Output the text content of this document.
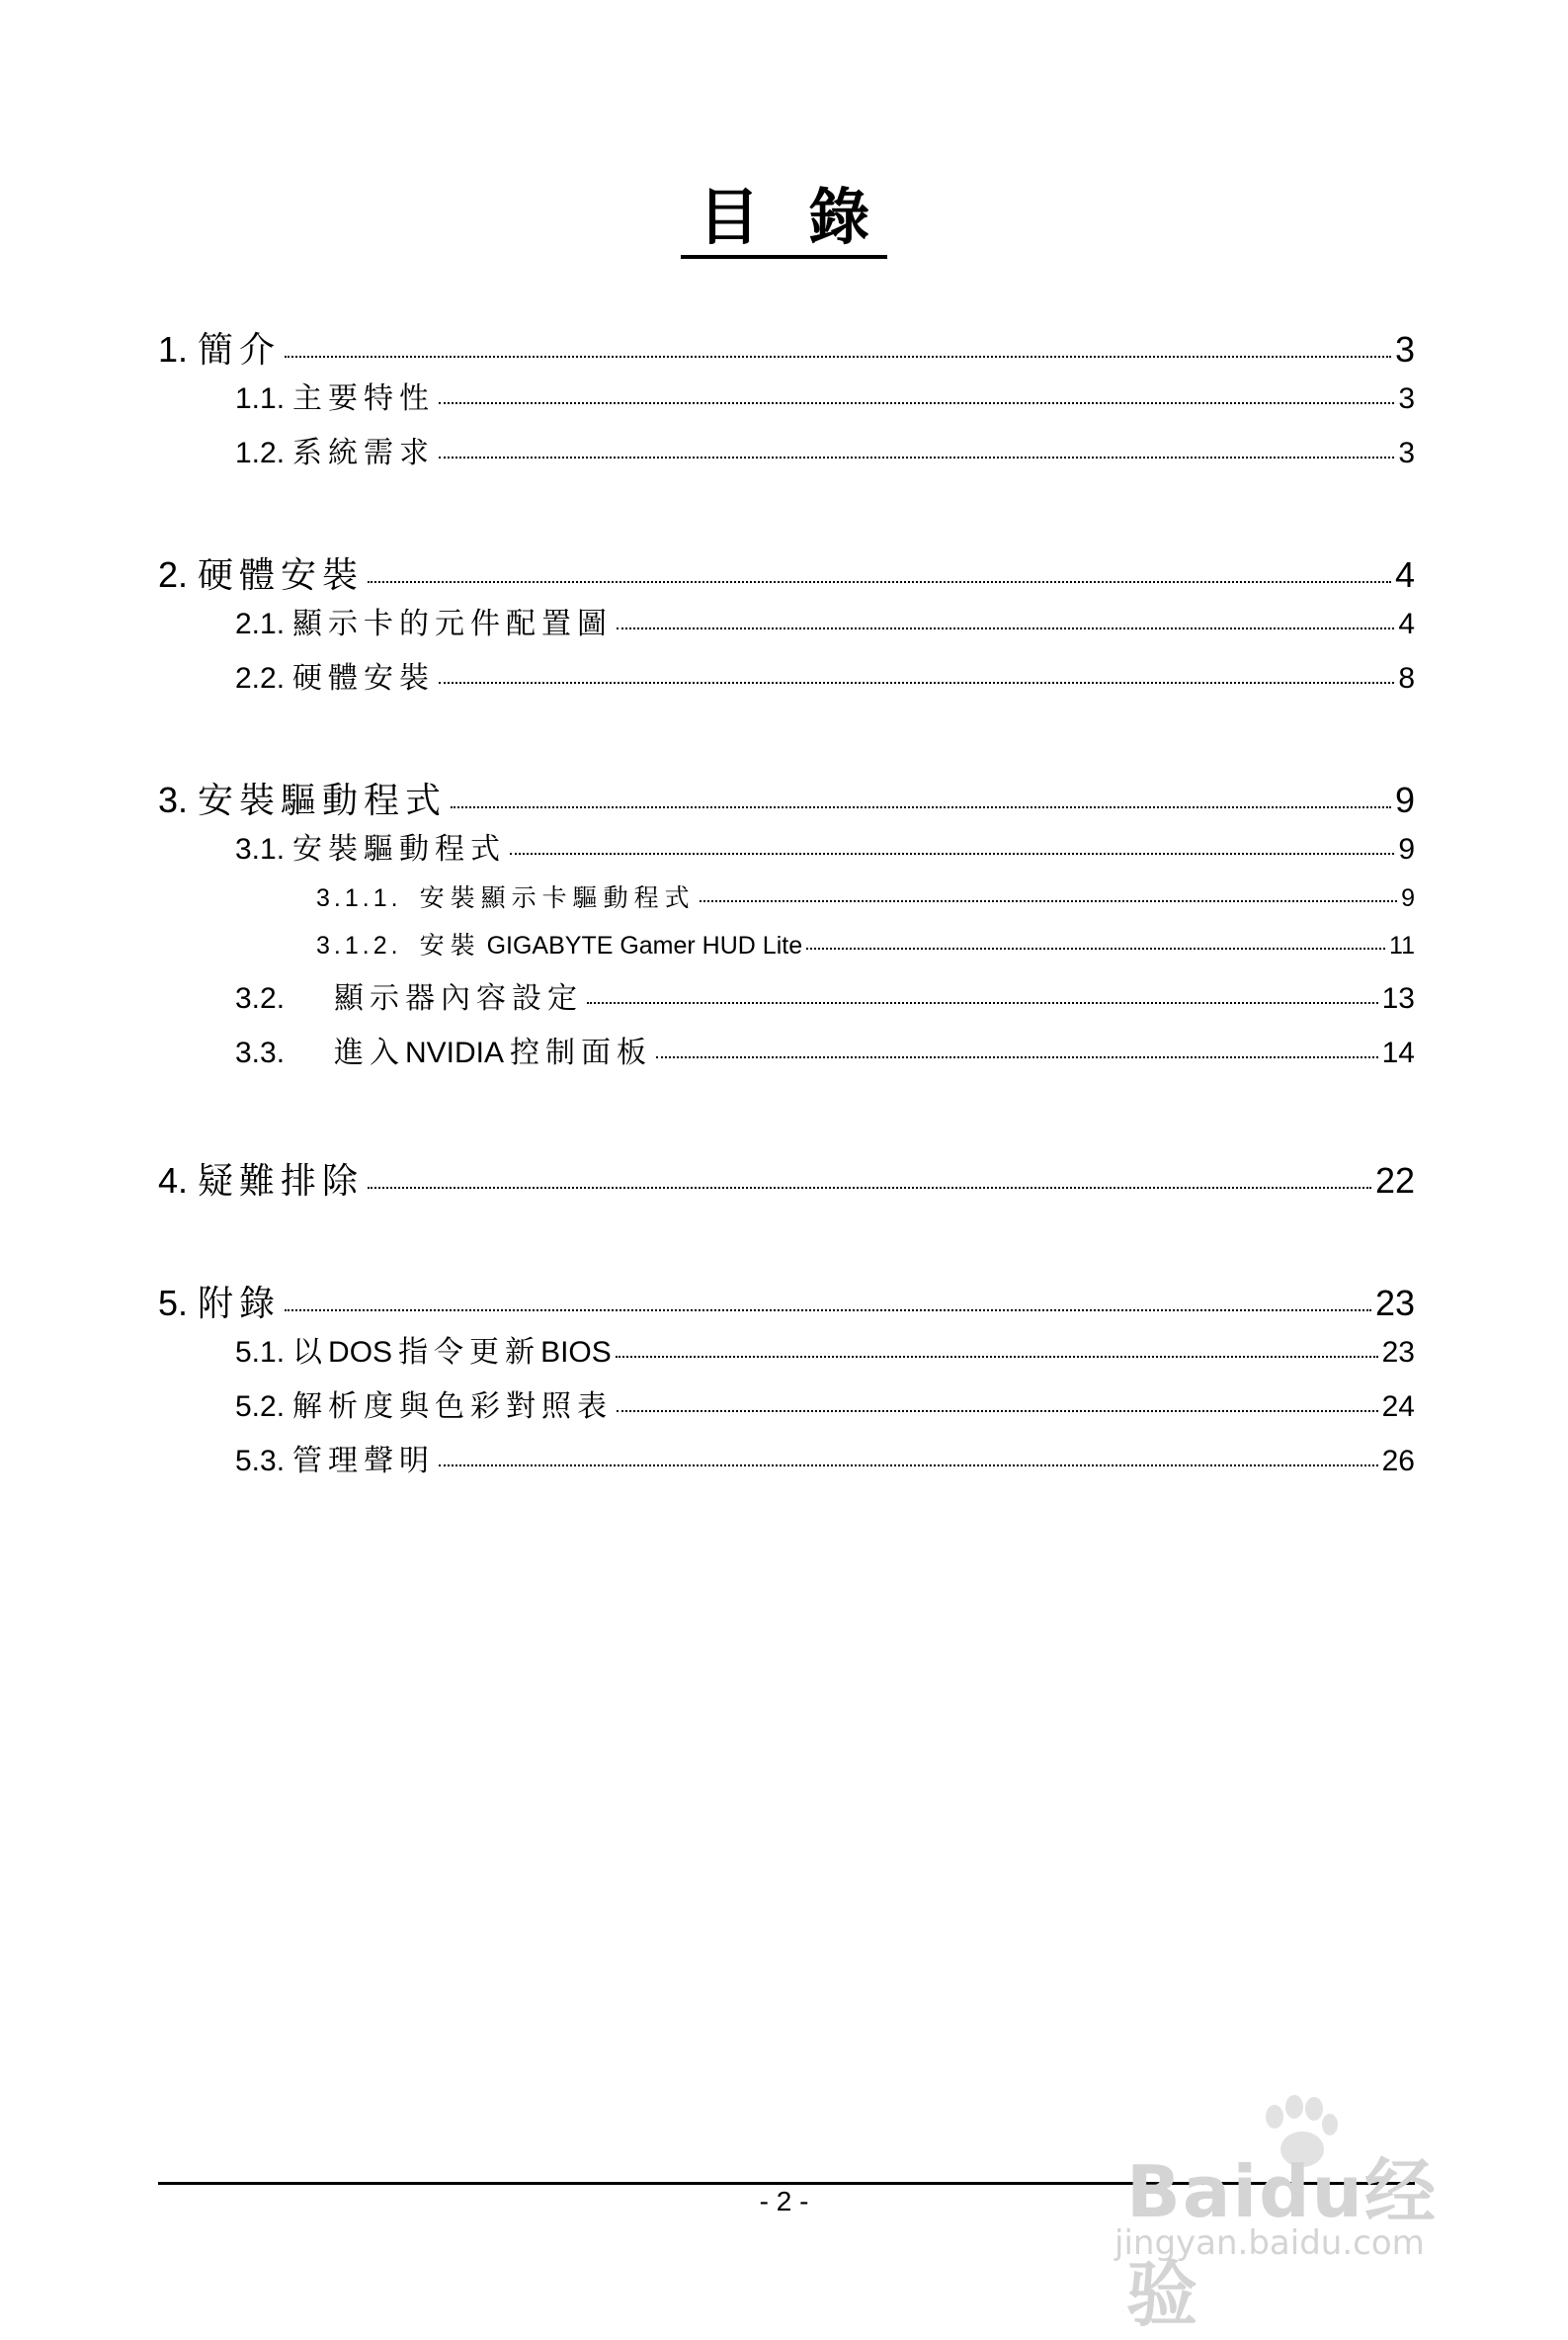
目 錄
1. 簡介	3
1.1. 主要特性	3
1.2. 系統需求	3
2. 硬體安裝	4
2.1. 顯示卡的元件配置圖	4
2.2. 硬體安裝	8
3. 安裝驅動程式	9
3.1. 安裝驅動程式	9
3.1.1. 安裝顯示卡驅動程式	9
3.1.2. 安裝 GIGABYTE Gamer HUD Lite	11
3.2.	顯示器內容設定	13
3.3.	進入 NVIDIA 控制面板	14
4. 疑難排除	22
5. 附錄	23
5.1. 以 DOS 指令更新 BIOS	23
5.2. 解析度與色彩對照表	24
5.3. 管理聲明	26
- 2 -	Baidu经验
jingyan.baidu.com
